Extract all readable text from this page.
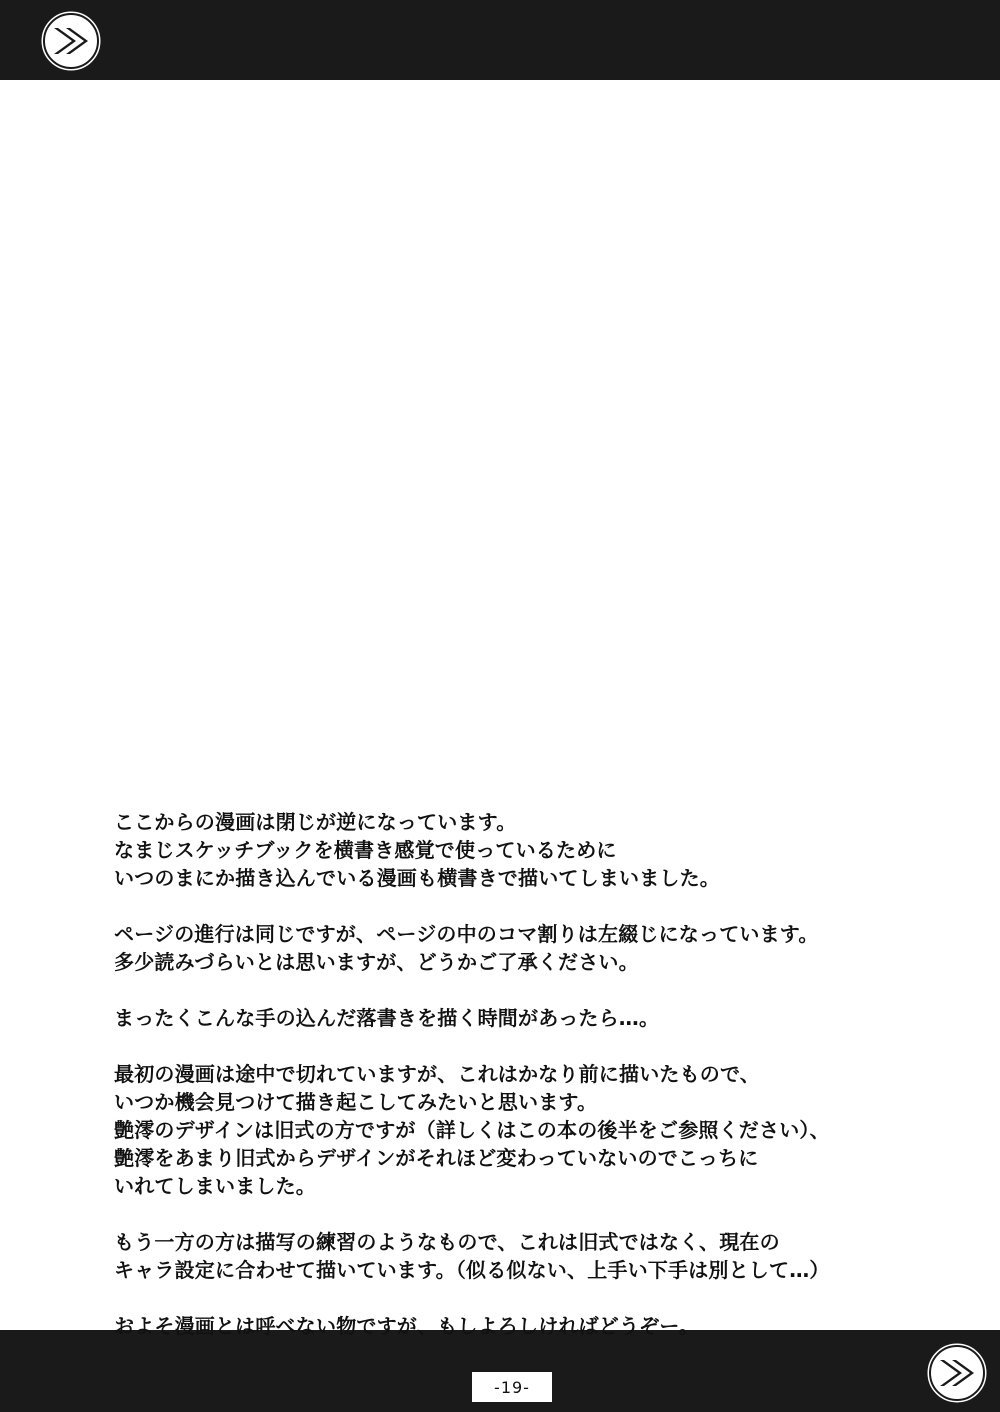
-19-

ここからの漫画は閉じが逆になっています。
なまじスケッチブックを横書き感覚で使っているために
いつのまにか描き込んでいる漫画も横書きで描いてしまいました。

ページの進行は同じですが、ページの中のコマ割りは左綴じになっています。
多少読みづらいとは思いますが、どうかご了承ください。

まったくこんな手の込んだ落書きを描く時間があったら…。

最初の漫画は途中で切れていますが、これはかなり前に描いたもので、
いつか機会見つけて描き起こしてみたいと思います。
艶澪のデザインは旧式の方ですが（詳しくはこの本の後半をご参照ください）、
艶澪をあまり旧式からデザインがそれほど変わっていないのでこっちに
いれてしまいました。

もう一方の方は描写の練習のようなもので、これは旧式ではなく、現在の
キャラ設定に合わせて描いています。（似る似ない、上手い下手は別として…）

およそ漫画とは呼べない物ですが、もしよろしければどうぞー。
